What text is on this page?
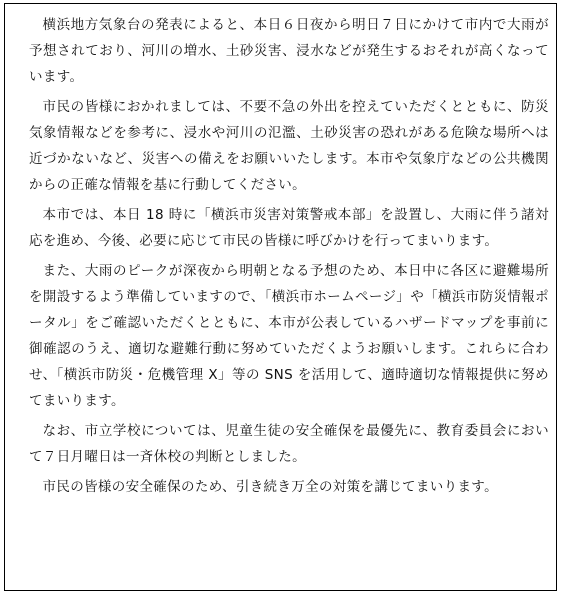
横浜地方気象台の発表によると、本日６日夜から明日７日にかけて市内で大雨が予想されており、河川の増水、土砂災害、浸水などが発生するおそれが高くなっています。

市民の皆様におかれましては、不要不急の外出を控えていただくとともに、防災気象情報などを参考に、浸水や河川の氾濫、土砂災害の恐れがある危険な場所へは近づかないなど、災害への備えをお願いいたします。本市や気象庁などの公共機関からの正確な情報を基に行動してください。

本市では、本日 18 時に「横浜市災害対策警戒本部」を設置し、大雨に伴う諸対応を進め、今後、必要に応じて市民の皆様に呼びかけを行ってまいります。

また、大雨のピークが深夜から明朝となる予想のため、本日中に各区に避難場所を開設するよう準備していますので、「横浜市ホームページ」や「横浜市防災情報ポータル」をご確認いただくとともに、本市が公表しているハザードマップを事前に御確認のうえ、適切な避難行動に努めていただくようお願いします。これらに合わせ、「横浜市防災・危機管理 X」等の SNS を活用して、適時適切な情報提供に努めてまいります。

なお、市立学校については、児童生徒の安全確保を最優先に、教育委員会において７日月曜日は一斉休校の判断としました。

市民の皆様の安全確保のため、引き続き万全の対策を講じてまいります。
